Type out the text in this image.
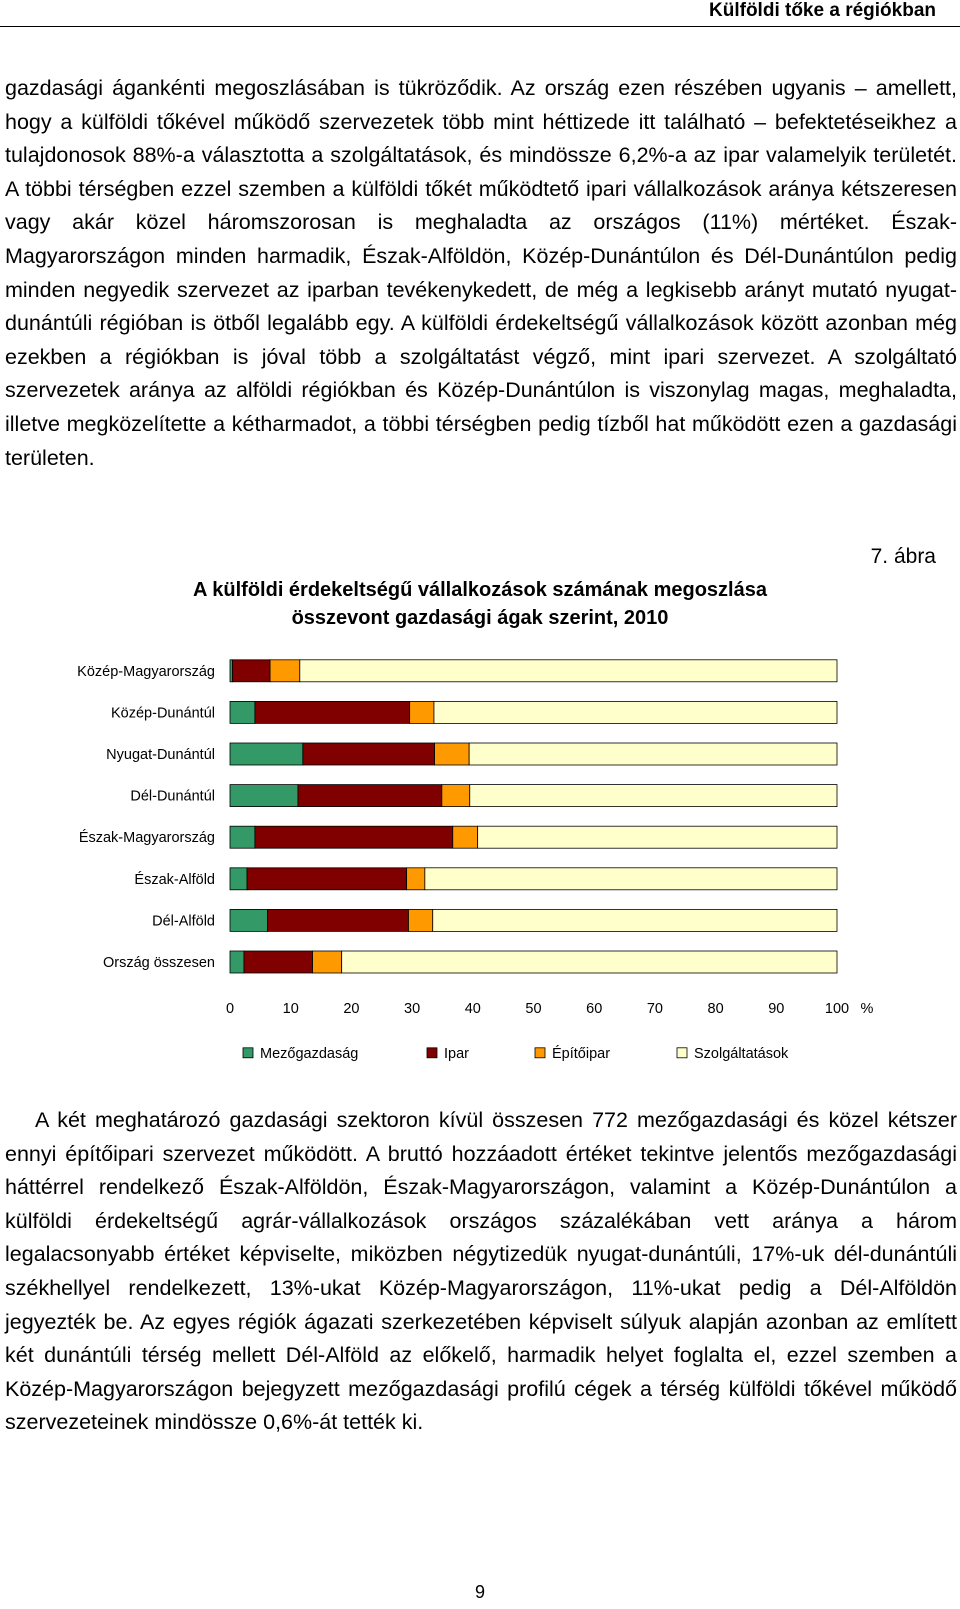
Külföldi tőke a régiókban

gazdasági ágankénti megoszlásában is tükröződik. Az ország ezen részében ugyanis – amellett, hogy a külföldi tőkével működő szervezetek több mint héttizede itt található – befektetéseikhez a tulajdonosok 88%-a választotta a szolgáltatások, és mindössze 6,2%-a az ipar valamelyik területét. A többi térségben ezzel szemben a külföldi tőkét működtető ipari vállalkozások aránya kétszeresen vagy akár közel háromszorosan is meghaladta az országos (11%) mértéket. Észak-Magyarországon minden harmadik, Észak-Alföldön, Közép-Dunántúlon és Dél-Dunántúlon pedig minden negyedik szervezet az iparban tevékenykedett, de még a legkisebb arányt mutató nyugat-dunántúli régióban is ötből legalább egy. A külföldi érdekeltségű vállalkozások között azonban még ezekben a régiókban is jóval több a szolgáltatást végző, mint ipari szervezet. A szolgáltató szervezetek aránya az alföldi régiókban és Közép-Dunántúlon is viszonylag magas, meghaladta, illetve megközelítette a kétharmadot, a többi térségben pedig tízből hat működött ezen a gazdasági területen.

7. ábra
A külföldi érdekeltségű vállalkozások számának megoszlása
összevont gazdasági ágak szerint, 2010
Közép-Magyarország
Közép-Dunántúl
Nyugat-Dunántúl
Dél-Dunántúl
Észak-Magyarország
Észak-Alföld
Dél-Alföld
Ország összesen
0	10	20	30	40	50	60	70	80	90	100 %
Mezőgazdaság	Ipar	Építőipar	Szolgáltatások

A két meghatározó gazdasági szektoron kívül összesen 772 mezőgazdasági és közel kétszer ennyi építőipari szervezet működött. A bruttó hozzáadott értéket tekintve jelentős mezőgazdasági háttérrel rendelkező Észak-Alföldön, Észak-Magyarországon, valamint a Közép-Dunántúlon a külföldi érdekeltségű agrár-vállalkozások országos százalékában vett aránya a három legalacsonyabb értéket képviselte, miközben négytizedük nyugat-dunántúli, 17%-uk dél-dunántúli székhellyel rendelkezett, 13%-ukat Közép-Magyarországon, 11%-ukat pedig a Dél-Alföldön jegyezték be. Az egyes régiók ágazati szerkezetében képviselt súlyuk alapján azonban az említett két dunántúli térség mellett Dél-Alföld az előkelő, harmadik helyet foglalta el, ezzel szemben a Közép-Magyarországon bejegyzett mezőgazdasági profilú cégek a térség külföldi tőkével működő szervezeteinek mindössze 0,6%-át tették ki.

9
